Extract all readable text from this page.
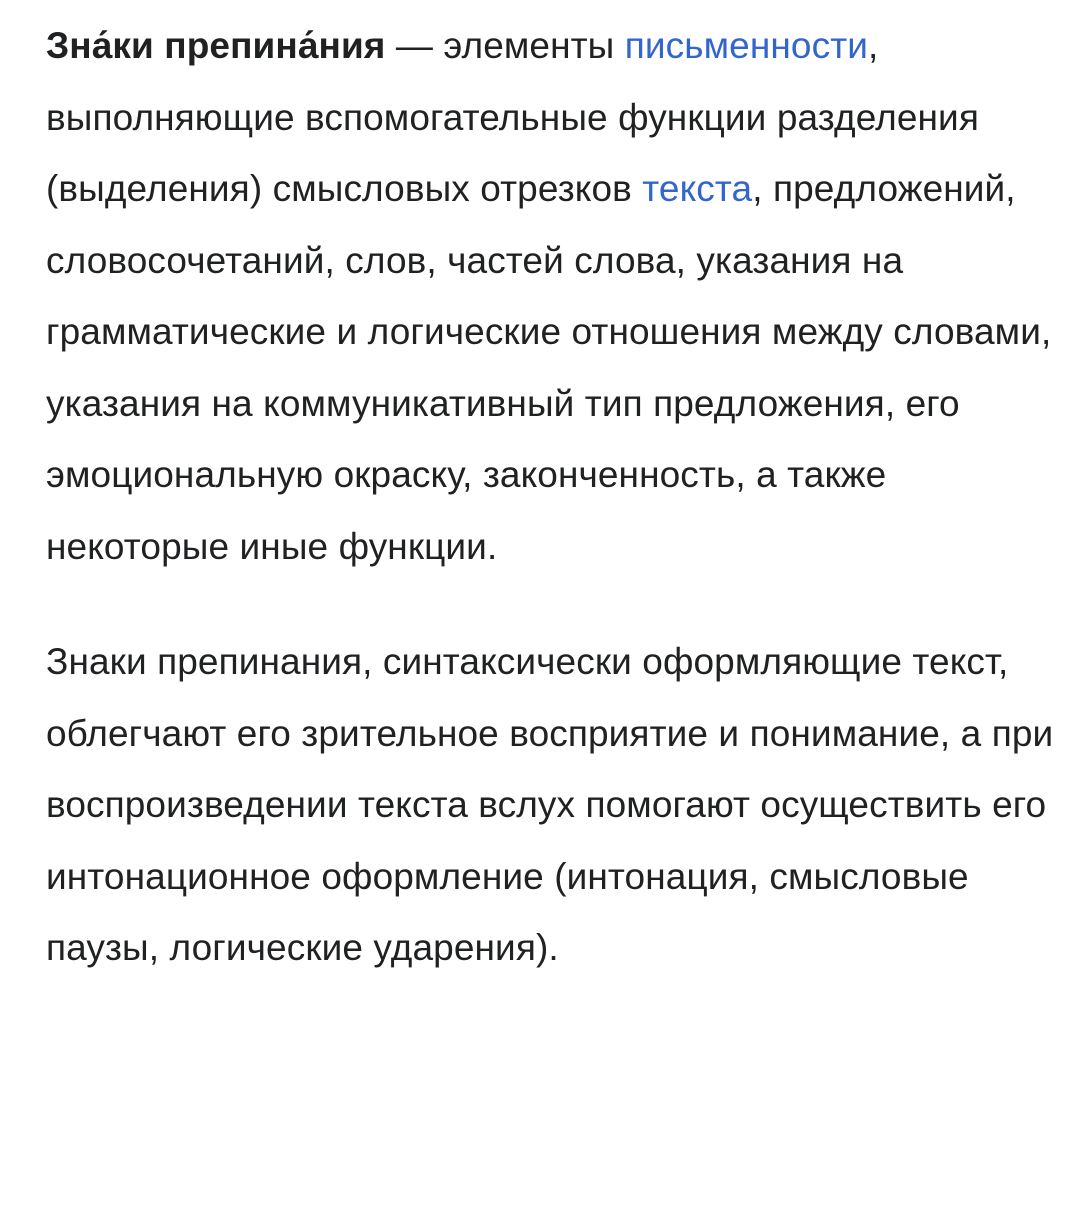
Зна́ки препина́ния — элементы письменности, выполняющие вспомогательные функции разделения (выделения) смысловых отрезков текста, предложений, словосочетаний, слов, частей слова, указания на грамматические и логические отношения между словами, указания на коммуникативный тип предложения, его эмоциональную окраску, законченность, а также некоторые иные функции.

Знаки препинания, синтаксически оформляющие текст, облегчают его зрительное восприятие и понимание, а при воспроизведении текста вслух помогают осуществить его интонационное оформление (интонация, смысловые паузы, логические ударения).
